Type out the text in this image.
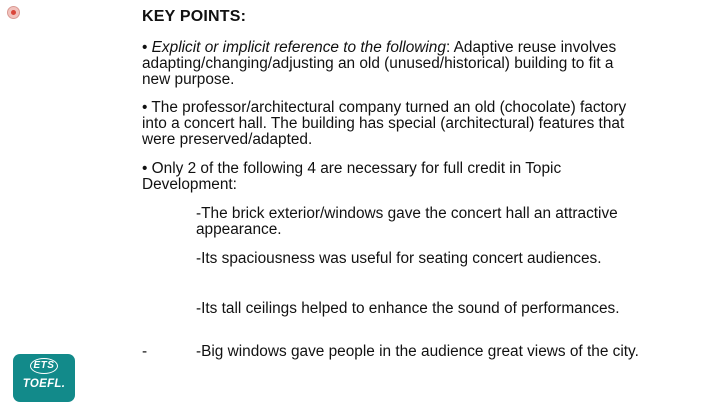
KEY POINTS:
• Explicit or implicit reference to the following: Adaptive reuse involves adapting/changing/adjusting an old (unused/historical) building to fit a new purpose.
• The professor/architectural company turned an old (chocolate) factory into a concert hall. The building has special (architectural) features that were preserved/adapted.
• Only 2 of the following 4 are necessary for full credit in Topic Development:
-The brick exterior/windows gave the concert hall an attractive appearance.
-Its spaciousness was useful for seating concert audiences.
-Its tall ceilings helped to enhance the sound of performances.
-	-Big windows gave people in the audience great views of the city.
ETS
TOEFL.
